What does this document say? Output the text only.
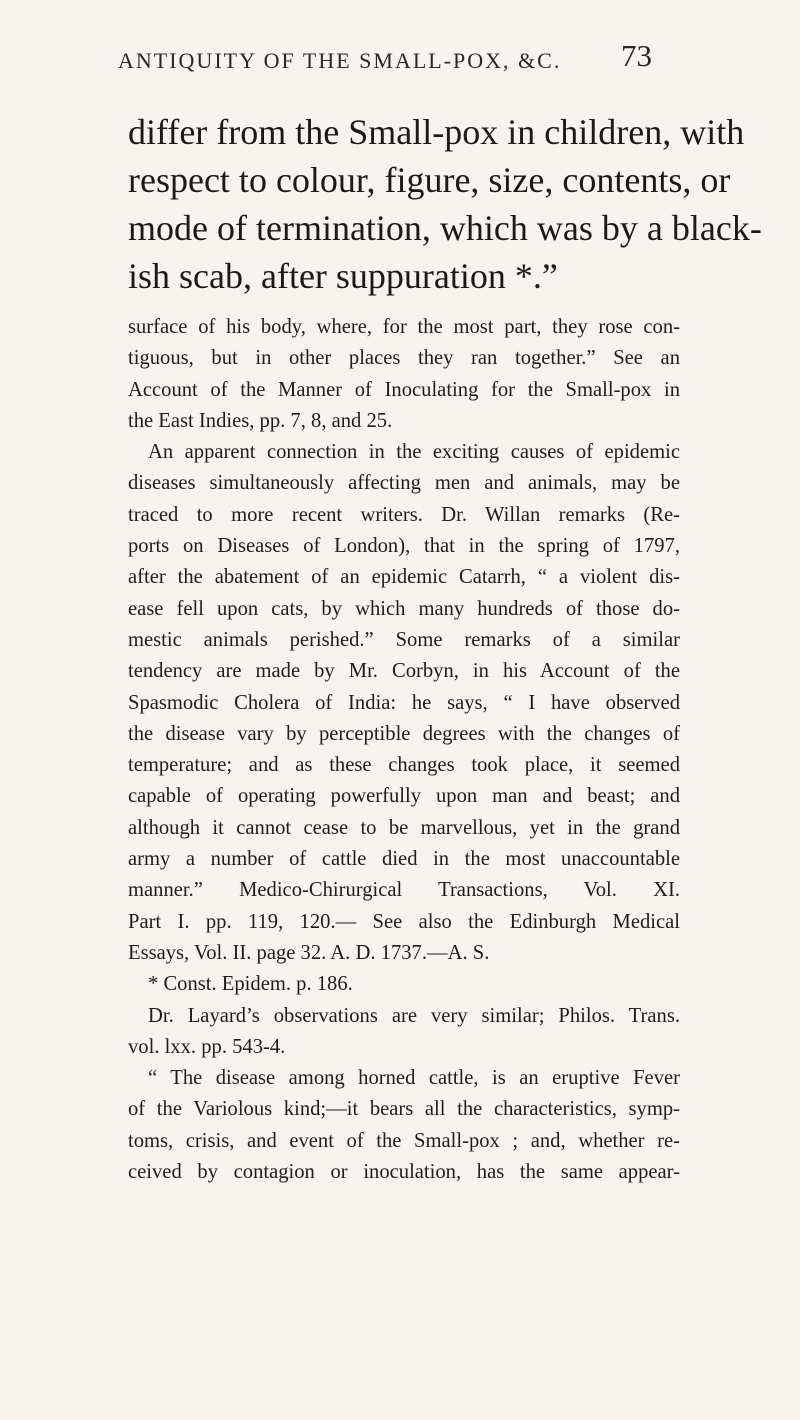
ANTIQUITY OF THE SMALL-POX, &C. 73
differ from the Small-pox in children, with
respect to colour, figure, size, contents, or
mode of termination, which was by a black-
ish scab, after suppuration *.”
surface of his body, where, for the most part, they rose con-
tiguous, but in other places they ran together.” See an
Account of the Manner of Inoculating for the Small-pox in
the East Indies, pp. 7, 8, and 25.
An apparent connection in the exciting causes of epidemic
diseases simultaneously affecting men and animals, may be
traced to more recent writers. Dr. Willan remarks (Re-
ports on Diseases of London), that in the spring of 1797,
after the abatement of an epidemic Catarrh, “ a violent dis-
ease fell upon cats, by which many hundreds of those do-
mestic animals perished.” Some remarks of a similar
tendency are made by Mr. Corbyn, in his Account of the
Spasmodic Cholera of India: he says, “ I have observed
the disease vary by perceptible degrees with the changes of
temperature; and as these changes took place, it seemed
capable of operating powerfully upon man and beast; and
although it cannot cease to be marvellous, yet in the grand
army a number of cattle died in the most unaccountable
manner.” Medico-Chirurgical Transactions, Vol. XI.
Part I. pp. 119, 120.— See also the Edinburgh Medical
Essays, Vol. II. page 32. A. D. 1737.—A. S.
* Const. Epidem. p. 186.
Dr. Layard’s observations are very similar; Philos. Trans.
vol. lxx. pp. 543-4.
“ The disease among horned cattle, is an eruptive Fever
of the Variolous kind;—it bears all the characteristics, symp-
toms, crisis, and event of the Small-pox ; and, whether re-
ceived by contagion or inoculation, has the same appear-
